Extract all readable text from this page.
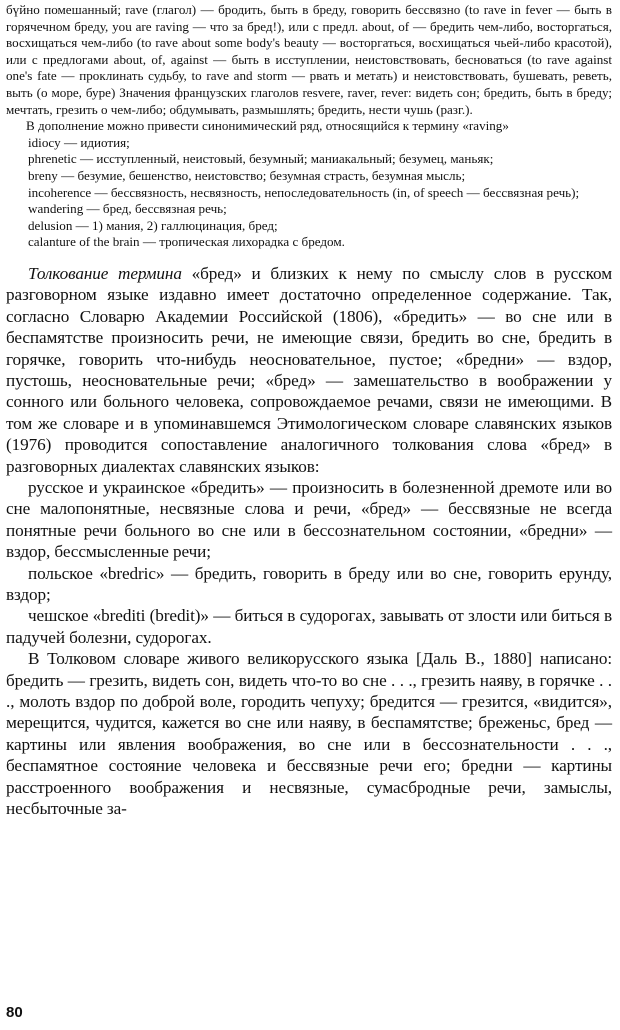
бүйно помешанный; rave (глагол) — бродить, быть в бреду, говорить бессвязно (to rave in fever — быть в горячечном бреду, you are raving — что за бред!), или с предл. about, of — бредить чем-либо, восторгаться, восхищаться чем-либо (to rave about some body's beauty — восторгаться, восхищаться чьей-либо красотой), или с предлогами about, of, against — быть в исступлении, неистовствовать, бесноваться (to rave against one's fate — проклинать судьбу, to rave and storm — рвать и метать) и неистовствовать, бушевать, реветь, выть (о море, буре) Значения французских глаголов resvere, raver, rever: видеть сон; бредить, быть в бреду; мечтать, грезить о чем-либо; обдумывать, размышлять; бредить, нести чушь (разг.).

В дополнение можно привести синонимический ряд, относящийся к термину «raving»

idiocy — идиотия;

phrenetic — исступленный, неистовый, безумный; маниакальный; безумец, маньяк;

breny — безумие, бешенство, неистовство; безумная страсть, безумная мысль;

incoherence — бессвязность, несвязность, непоследовательность (in, of speech — бессвязная речь);

wandering — бред, бессвязная речь;

delusion — 1) мания, 2) галлюцинация, бред;

calanture of the brain — тропическая лихорадка с бредом.

Толкование термина «бред» и близких к нему по смыслу слов в русском разговорном языке издавно имеет достаточно определенное содержание. Так, согласно Словарю Академии Российской (1806), «бредить» — во сне или в беспамятстве произносить речи, не имеющие связи, бредить во сне, бредить в горячке, говорить что-нибудь неосновательное, пустое; «бредни» — вздор, пустошь, неосновательные речи; «бред» — замешательство в воображении у сонного или больного человека, сопровождаемое речами, связи не имеющими. В том же словаре и в упоминавшемся Этимологическом словаре славянских языков (1976) проводится сопоставление аналогичного толкования слова «бред» в разговорных диалектах славянских языков:

русское и украинское «бредить» — произносить в болезненной дремоте или во сне малопонятные, несвязные слова и речи, «бред» — бессвязные не всегда понятные речи больного во сне или в бессознательном состоянии, «бредни» — вздор, бессмысленные речи;

польское «bredric» — бредить, говорить в бреду или во сне, говорить ерунду, вздор;

чешское «brediti (bredit)» — биться в судорогах, завывать от злости или биться в падучей болезни, судорогах.

В Толковом словаре живого великорусского языка [Даль В., 1880] написано: бредить — грезить, видеть сон, видеть что-то во сне . . ., грезить наяву, в горячке . . ., молоть вздор по доброй воле, городить чепуху; бредится — грезится, «видится», мерещится, чудится, кажется во сне или наяву, в беспамятстве; бреженьс, бред — картины или явления воображения, во сне или в бессознательности . . ., беспамятное состояние человека и бессвязные речи его; бредни — картины расстроенного воображения и несвязные, сумасбродные речи, замыслы, несбыточные за-

80
